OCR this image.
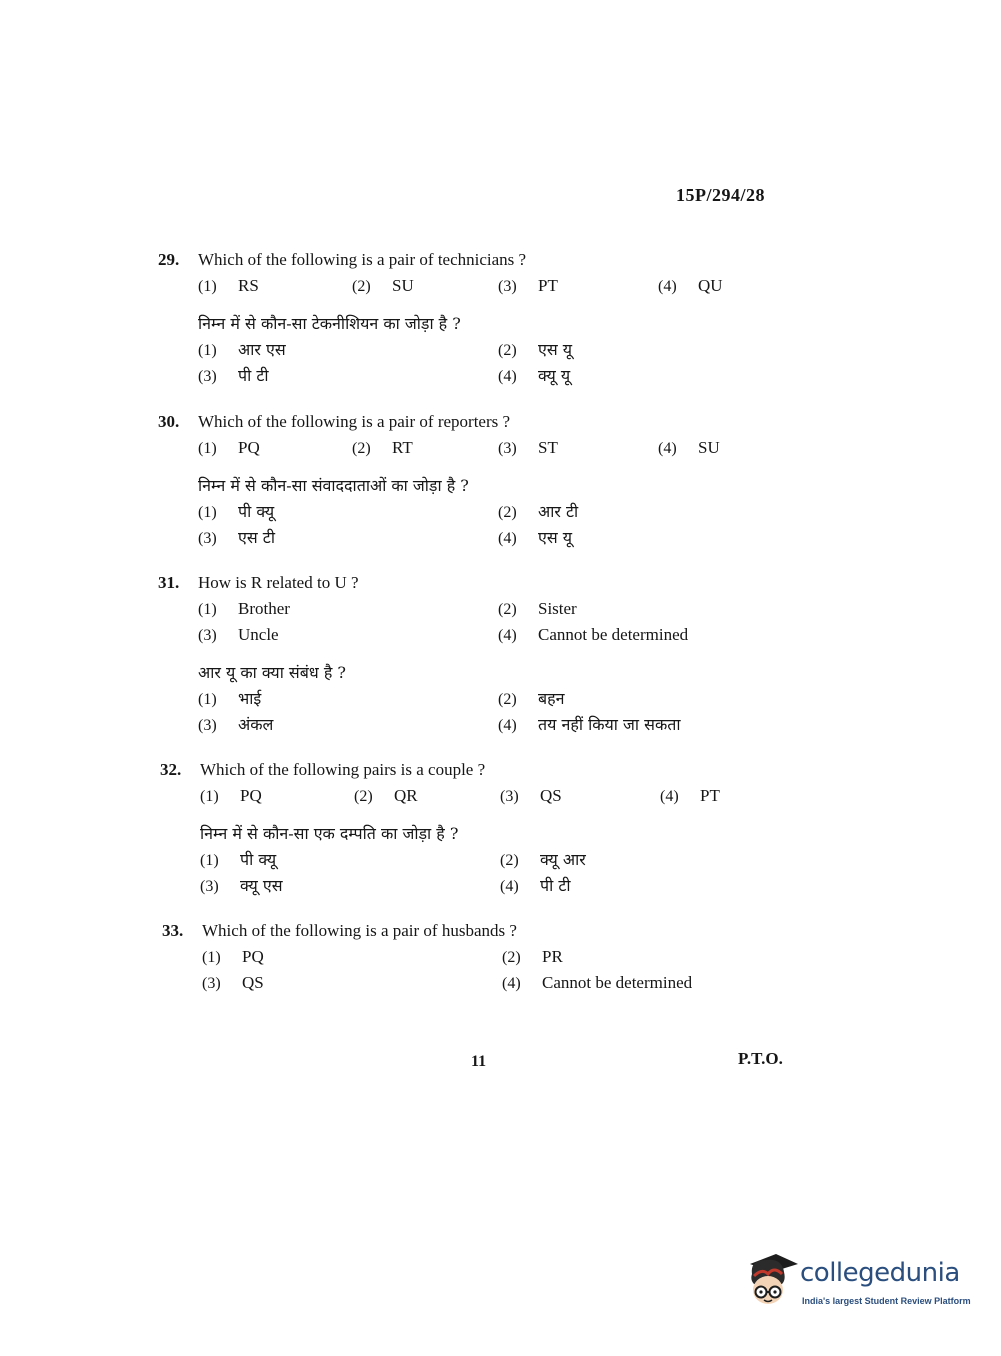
15P/294/28
29. Which of the following is a pair of technicians ?
(1) RS	(2) SU	(3) PT	(4) QU
निम्न में से कौन-सा टेकनीशियन का जोड़ा है ?
(1) आर एस	(2) एस यू
(3) पी टी	(4) क्यू यू
30. Which of the following is a pair of reporters ?
(1) PQ	(2) RT	(3) ST	(4) SU
निम्न में से कौन-सा संवाददाताओं का जोड़ा है ?
(1) पी क्यू	(2) आर टी
(3) एस टी	(4) एस यू
31. How is R related to U ?
(1) Brother	(2) Sister
(3) Uncle	(4) Cannot be determined
आर यू का क्या संबंध है ?
(1) भाई	(2) बहन
(3) अंकल	(4) तय नहीं किया जा सकता
32. Which of the following pairs is a couple ?
(1) PQ	(2) QR	(3) QS	(4) PT
निम्न में से कौन-सा एक दम्पति का जोड़ा है ?
(1) पी क्यू	(2) क्यू आर
(3) क्यू एस	(4) पी टी
33. Which of the following is a pair of husbands ?
(1) PQ	(2) PR
(3) QS	(4) Cannot be determined
11	P.T.O.
collegedunia
India's largest Student Review Platform
